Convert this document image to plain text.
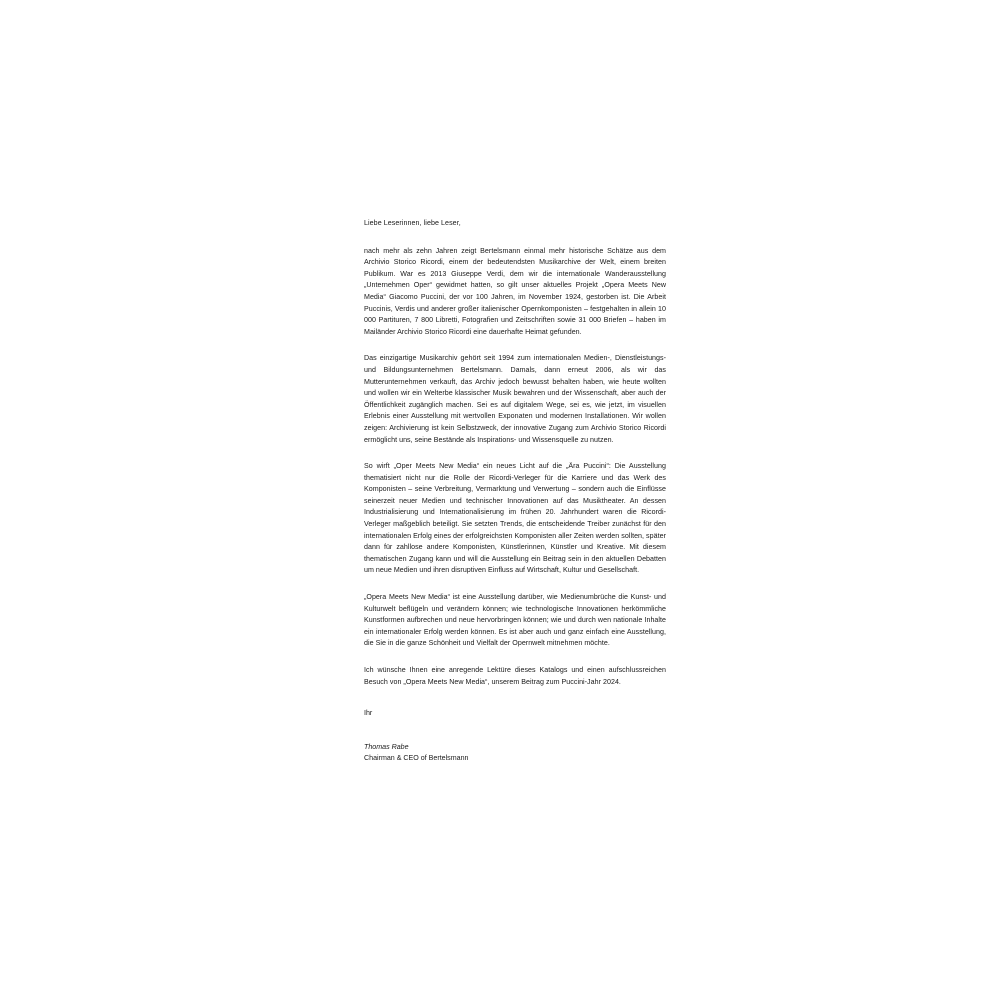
Liebe Leserinnen, liebe Leser,

nach mehr als zehn Jahren zeigt Bertelsmann einmal mehr historische Schätze aus dem Archivio Storico Ricordi, einem der bedeutendsten Musikarchive der Welt, einem breiten Publikum. War es 2013 Giuseppe Verdi, dem wir die internationale Wanderausstellung „Unternehmen Oper“ gewidmet hatten, so gilt unser aktuelles Projekt „Opera Meets New Media“ Giacomo Puccini, der vor 100 Jahren, im November 1924, gestorben ist. Die Arbeit Puccinis, Verdis und anderer großer italienischer Opernkomponisten – festgehalten in allein 10 000 Partituren, 7 800 Libretti, Fotografien und Zeitschriften sowie 31 000 Briefen – haben im Mailänder Archivio Storico Ricordi eine dauerhafte Heimat gefunden.

Das einzigartige Musikarchiv gehört seit 1994 zum internationalen Medien-, Dienstleistungs- und Bildungsunternehmen Bertelsmann. Damals, dann erneut 2006, als wir das Mutterunternehmen verkauft, das Archiv jedoch bewusst behalten haben, wie heute wollten und wollen wir ein Welterbe klassischer Musik bewahren und der Wissenschaft, aber auch der Öffentlichkeit zugänglich machen. Sei es auf digitalem Wege, sei es, wie jetzt, im visuellen Erlebnis einer Ausstellung mit wertvollen Exponaten und modernen Installationen. Wir wollen zeigen: Archivierung ist kein Selbstzweck, der innovative Zugang zum Archivio Storico Ricordi ermöglicht uns, seine Bestände als Inspirations- und Wissensquelle zu nutzen.

So wirft „Oper Meets New Media“ ein neues Licht auf die „Ära Puccini“: Die Ausstellung thematisiert nicht nur die Rolle der Ricordi-Verleger für die Karriere und das Werk des Komponisten – seine Verbreitung, Vermarktung und Verwertung – sondern auch die Einflüsse seinerzeit neuer Medien und technischer Innovationen auf das Musiktheater. An dessen Industrialisierung und Internationalisierung im frühen 20. Jahrhundert waren die Ricordi-Verleger maßgeblich beteiligt. Sie setzten Trends, die entscheidende Treiber zunächst für den internationalen Erfolg eines der erfolgreichsten Komponisten aller Zeiten werden sollten, später dann für zahllose andere Komponisten, Künstlerinnen, Künstler und Kreative. Mit diesem thematischen Zugang kann und will die Ausstellung ein Beitrag sein in den aktuellen Debatten um neue Medien und ihren disruptiven Einfluss auf Wirtschaft, Kultur und Gesellschaft.

„Opera Meets New Media“ ist eine Ausstellung darüber, wie Medienumbrüche die Kunst- und Kulturwelt beflügeln und verändern können; wie technologische Innovationen herkömmliche Kunstformen aufbrechen und neue hervorbringen können; wie und durch wen nationale Inhalte ein internationaler Erfolg werden können. Es ist aber auch und ganz einfach eine Ausstellung, die Sie in die ganze Schönheit und Vielfalt der Opernwelt mitnehmen möchte.

Ich wünsche Ihnen eine anregende Lektüre dieses Katalogs und einen aufschlussreichen Besuch von „Opera Meets New Media“, unserem Beitrag zum Puccini-Jahr 2024.

Ihr

Thomas Rabe

Chairman & CEO of Bertelsmann
